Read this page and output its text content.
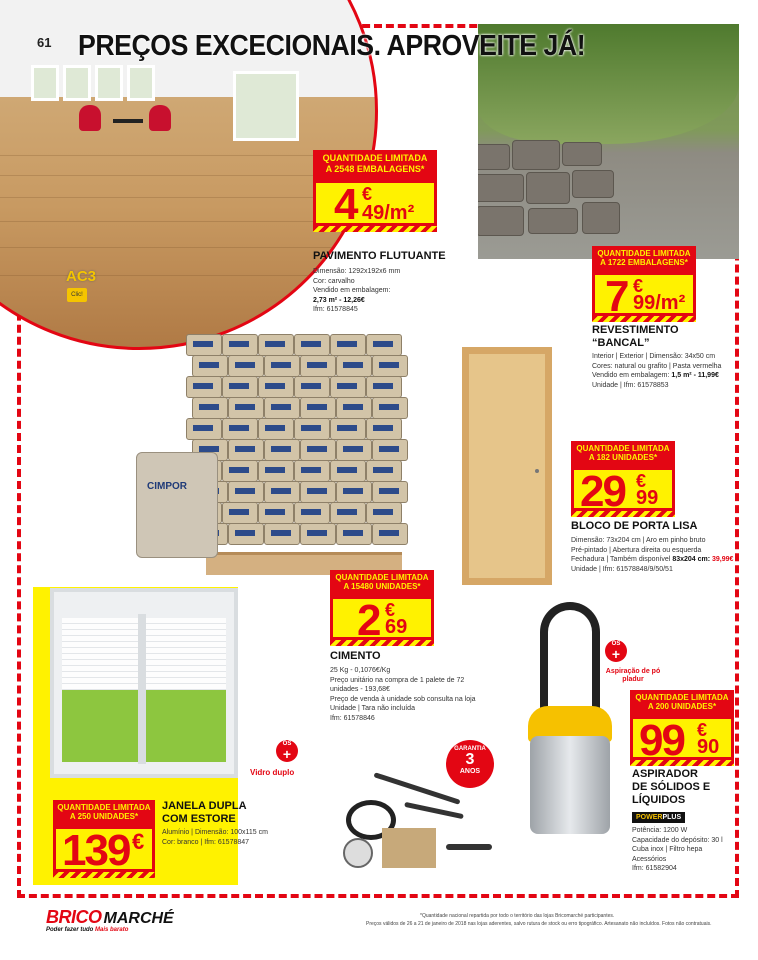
AC3
Clic!
61 PREÇOS EXCECIONAIS. APROVEITE JÁ!
QUANTIDADE LIMITADA
A 2548 EMBALAGENS*
4 €
49/m²
PAVIMENTO FLUTUANTE
Dimensão: 1292x192x6 mm
Cor: carvalho
Vendido em embalagem:
2,73 m² - 12,26€
Ifm: 61578845
QUANTIDADE LIMITADA
A 1722 EMBALAGENS*
7 €
99/m²
REVESTIMENTO
“BANCAL”
Interior | Exterior | Dimensão: 34x50 cm
Cores: natural ou grafito | Pasta vermelha
Vendido em embalagem: 1,5 m² - 11,99€
Unidade | Ifm: 61578853
CIMPOR
QUANTIDADE LIMITADA
A 182 UNIDADES*
29 €
99
BLOCO DE PORTA LISA
Dimensão: 73x204 cm | Aro em pinho bruto
Pré-pintado | Abertura direita ou esquerda
Fechadura | Também disponível 83x204 cm: 39,99€
Unidade | Ifm: 61578848/9/50/51
QUANTIDADE LIMITADA
A 15480 UNIDADES*
2 €
69
CIMENTO
25 Kg - 0,1076€/Kg
Preço unitário na compra de 1 palete de 72
unidades - 193,68€
Preço de venda à unidade sob consulta na loja
Unidade | Tara não incluída
Ifm: 61578846
OS
+
Vidro duplo
QUANTIDADE LIMITADA
A 250 UNIDADES*
139 €
JANELA DUPLA
COM ESTORE
Alumínio | Dimensão: 100x115 cm
Cor: branco | Ifm: 61578847
GARANTIA
3
ANOS
OS
+
Aspiração de pó pladur
QUANTIDADE LIMITADA
A 200 UNIDADES*
99 €
90
ASPIRADOR
DE SÓLIDOS E
LÍQUIDOS
POWERPLUS
Potência: 1200 W
Capacidade do depósito: 30 l
Cuba inox | Filtro hepa
Acessórios
Ifm: 61582904
BRICO MARCHÉ
Poder fazer tudo Mais barato
*Quantidade nacional repartida por todo o território das lojas Bricomarché participantes.
Preços válidos de 26 a 21 de janeiro de 2018 nas lojas aderentes, salvo rutura de stock ou erro tipográfico. Artesanato não incluídos. Fotos não contratuais.
